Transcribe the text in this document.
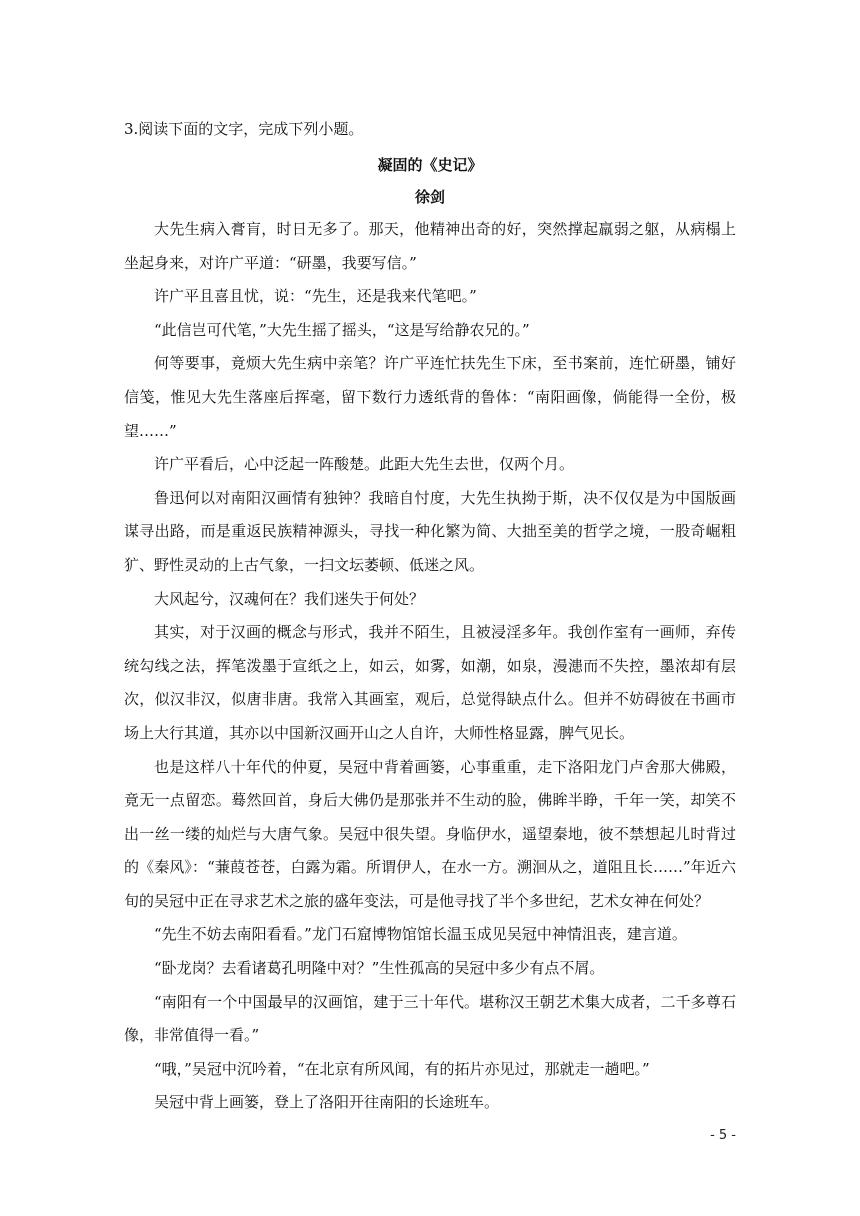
3.阅读下面的文字，完成下列小题。
凝固的《史记》
徐剑

大先生病入膏肓，时日无多了。那天，他精神出奇的好，突然撑起羸弱之躯，从病榻上坐起身来，对许广平道：“研墨，我要写信。”

许广平且喜且忧，说：“先生，还是我来代笔吧。”

“此信岂可代笔，”大先生摇了摇头，“这是写给静农兄的。”

何等要事，竟烦大先生病中亲笔？许广平连忙扶先生下床，至书案前，连忙研墨，铺好信笺，惟见大先生落座后挥毫，留下数行力透纸背的鲁体：“南阳画像，倘能得一全份，极望……”

许广平看后，心中泛起一阵酸楚。此距大先生去世，仅两个月。

鲁迅何以对南阳汉画情有独钟？我暗自忖度，大先生执拗于斯，决不仅仅是为中国版画谋寻出路，而是重返民族精神源头，寻找一种化繁为简、大拙至美的哲学之境，一股奇崛粗犷、野性灵动的上古气象，一扫文坛萎顿、低迷之风。

大风起兮，汉魂何在？我们迷失于何处？

其实，对于汉画的概念与形式，我并不陌生，且被浸淫多年。我创作室有一画师，弃传统勾线之法，挥笔泼墨于宣纸之上，如云，如雾，如潮，如泉，漫漶而不失控，墨浓却有层次，似汉非汉，似唐非唐。我常入其画室，观后，总觉得缺点什么。但并不妨碍彼在书画市场上大行其道，其亦以中国新汉画开山之人自许，大师性格显露，脾气见长。

也是这样八十年代的仲夏，吴冠中背着画篓，心事重重，走下洛阳龙门卢舍那大佛殿，竟无一点留恋。蓦然回首，身后大佛仍是那张并不生动的脸，佛眸半睁，千年一笑，却笑不出一丝一缕的灿烂与大唐气象。吴冠中很失望。身临伊水，遥望秦地，彼不禁想起儿时背过的《秦风》：“蒹葭苍苍，白露为霜。所谓伊人，在水一方。溯洄从之，道阻且长……”年近六旬的吴冠中正在寻求艺术之旅的盛年变法，可是他寻找了半个多世纪，艺术女神在何处？

“先生不妨去南阳看看。”龙门石窟博物馆馆长温玉成见吴冠中神情沮丧，建言道。

“卧龙岗？去看诸葛孔明隆中对？”生性孤高的吴冠中多少有点不屑。

“南阳有一个中国最早的汉画馆，建于三十年代。堪称汉王朝艺术集大成者，二千多尊石像，非常值得一看。”

“哦，”吴冠中沉吟着，“在北京有所风闻，有的拓片亦见过，那就走一趟吧。”

吴冠中背上画篓，登上了洛阳开往南阳的长途班车。

- 5 -
